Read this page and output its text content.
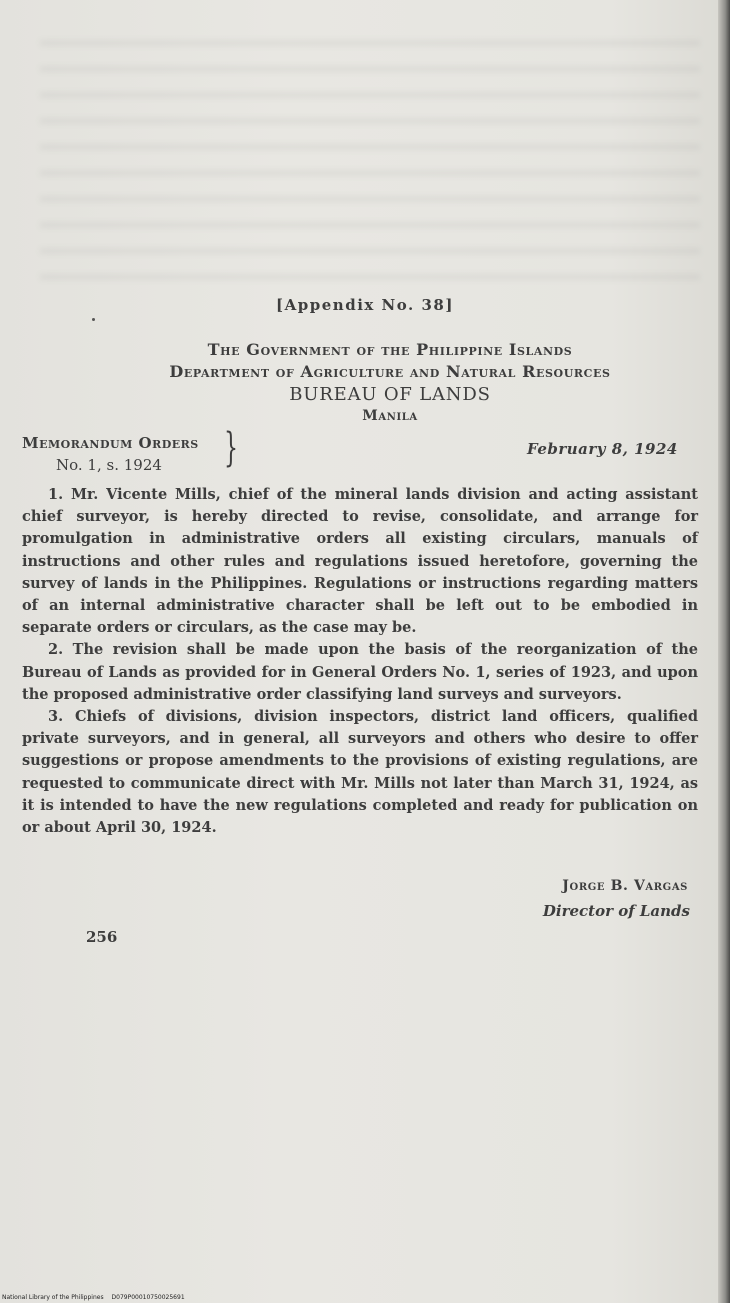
[Appendix No. 38]
The Government of the Philippine Islands
Department of Agriculture and Natural Resources
BUREAU OF LANDS
Manila
Memorandum Orders
No. 1, s. 1924	}	February 8, 1924

1. Mr. Vicente Mills, chief of the mineral lands division and acting assistant chief surveyor, is hereby directed to revise, consolidate, and arrange for promulgation in administrative orders all existing circulars, manuals of instructions and other rules and regulations issued heretofore, governing the survey of lands in the Philippines. Regulations or instructions regarding matters of an internal administrative character shall be left out to be embodied in separate orders or circulars, as the case may be.

2. The revision shall be made upon the basis of the reorganization of the Bureau of Lands as provided for in General Orders No. 1, series of 1923, and upon the proposed administrative order classifying land surveys and surveyors.

3. Chiefs of divisions, division inspectors, district land officers, qualified private surveyors, and in general, all surveyors and others who desire to offer suggestions or propose amendments to the provisions of existing regulations, are requested to communicate direct with Mr. Mills not later than March 31, 1924, as it is intended to have the new regulations completed and ready for publication on or about April 30, 1924.

Jorge B. Vargas
Director of Lands
256
National Library of the Philippines D079P00010750025691
